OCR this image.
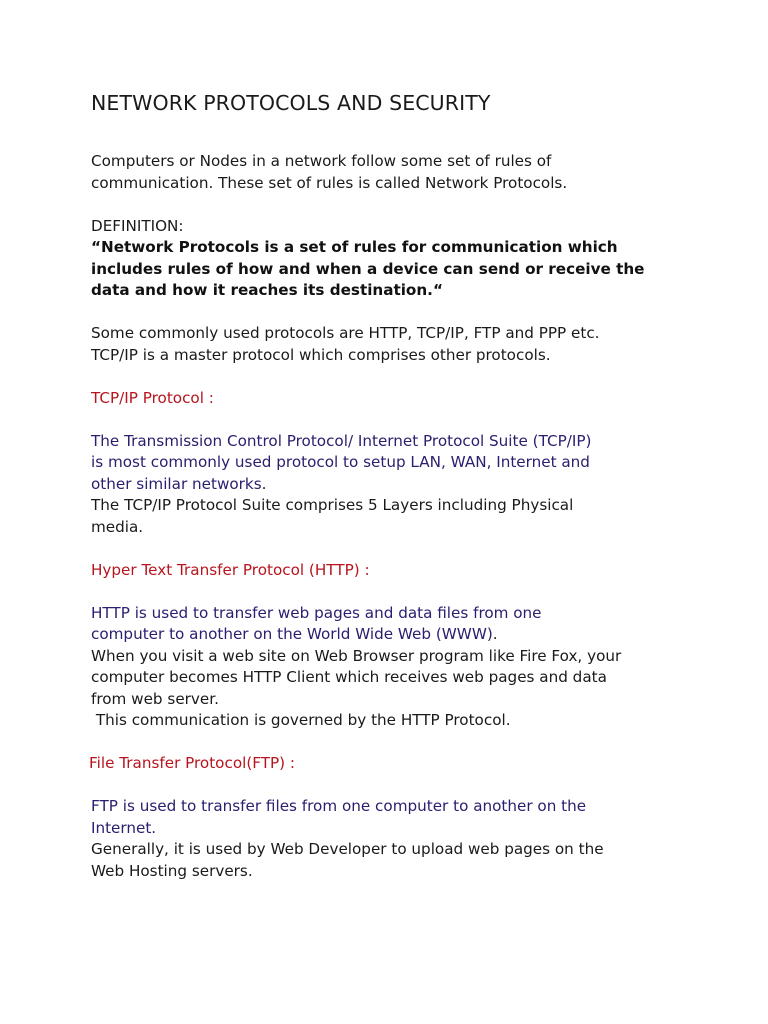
NETWORK PROTOCOLS AND SECURITY

Computers or Nodes in a network follow some set of rules of
communication. These set of rules is called Network Protocols.

DEFINITION:
“Network Protocols is a set of rules for communication which
includes rules of how and when a device can send or receive the
data and how it reaches its destination.“

Some commonly used protocols are HTTP, TCP/IP, FTP and PPP etc.
TCP/IP is a master protocol which comprises other protocols.

TCP/IP Protocol :

The Transmission Control Protocol/ Internet Protocol Suite (TCP/IP)
is most commonly used protocol to setup LAN, WAN, Internet and
other similar networks.
The TCP/IP Protocol Suite comprises 5 Layers including Physical
media.

Hyper Text Transfer Protocol (HTTP) :

HTTP is used to transfer web pages and data files from one
computer to another on the World Wide Web (WWW).
When you visit a web site on Web Browser program like Fire Fox, your
computer becomes HTTP Client which receives web pages and data
from web server.
This communication is governed by the HTTP Protocol.

File Transfer Protocol(FTP) :

FTP is used to transfer files from one computer to another on the
Internet.
Generally, it is used by Web Developer to upload web pages on the
Web Hosting servers.
